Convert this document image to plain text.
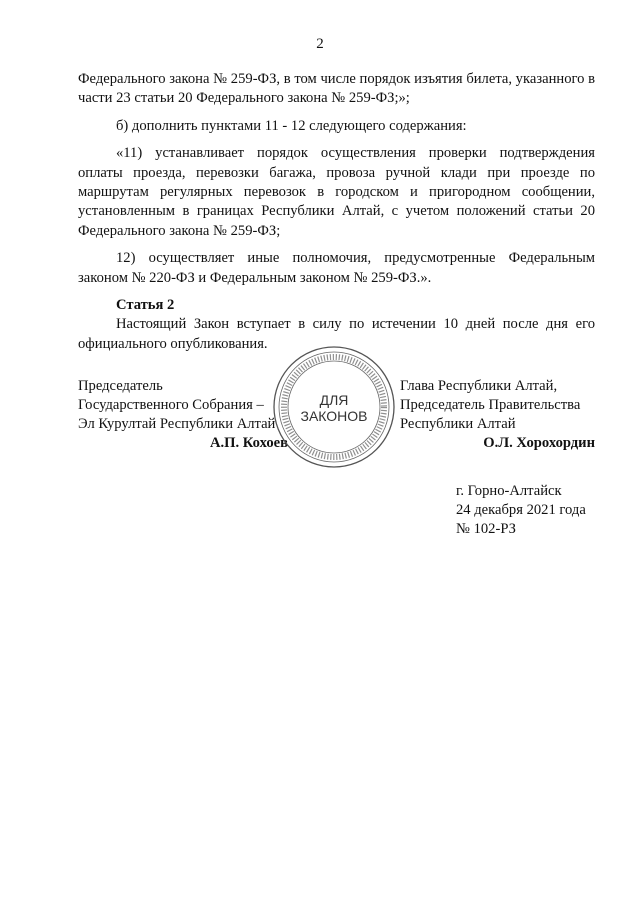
2

Федерального закона № 259-ФЗ, в том числе порядок изъятия билета, указанного в части 23 статьи 20 Федерального закона № 259-ФЗ;»;

б) дополнить пунктами 11 - 12 следующего содержания:

«11) устанавливает порядок осуществления проверки подтверждения оплаты проезда, перевозки багажа, провоза ручной клади при проезде по маршрутам регулярных перевозок в городском и пригородном сообщении, установленным в границах Республики Алтай, с учетом положений статьи 20 Федерального закона № 259-ФЗ;

12) осуществляет иные полномочия, предусмотренные Федеральным законом № 220-ФЗ и Федеральным законом № 259-ФЗ.».

Статья 2

Настоящий Закон вступает в силу по истечении 10 дней после дня его официального опубликования.

Председатель
Государственного Собрания –
Эл Курултай Республики Алтай
А.П. Кохоев
ДЛЯ
ЗАКОНОВ
Глава Республики Алтай,
Председатель Правительства
Республики Алтай
О.Л. Хорохордин
г. Горно-Алтайск
24 декабря 2021 года
№ 102-РЗ
